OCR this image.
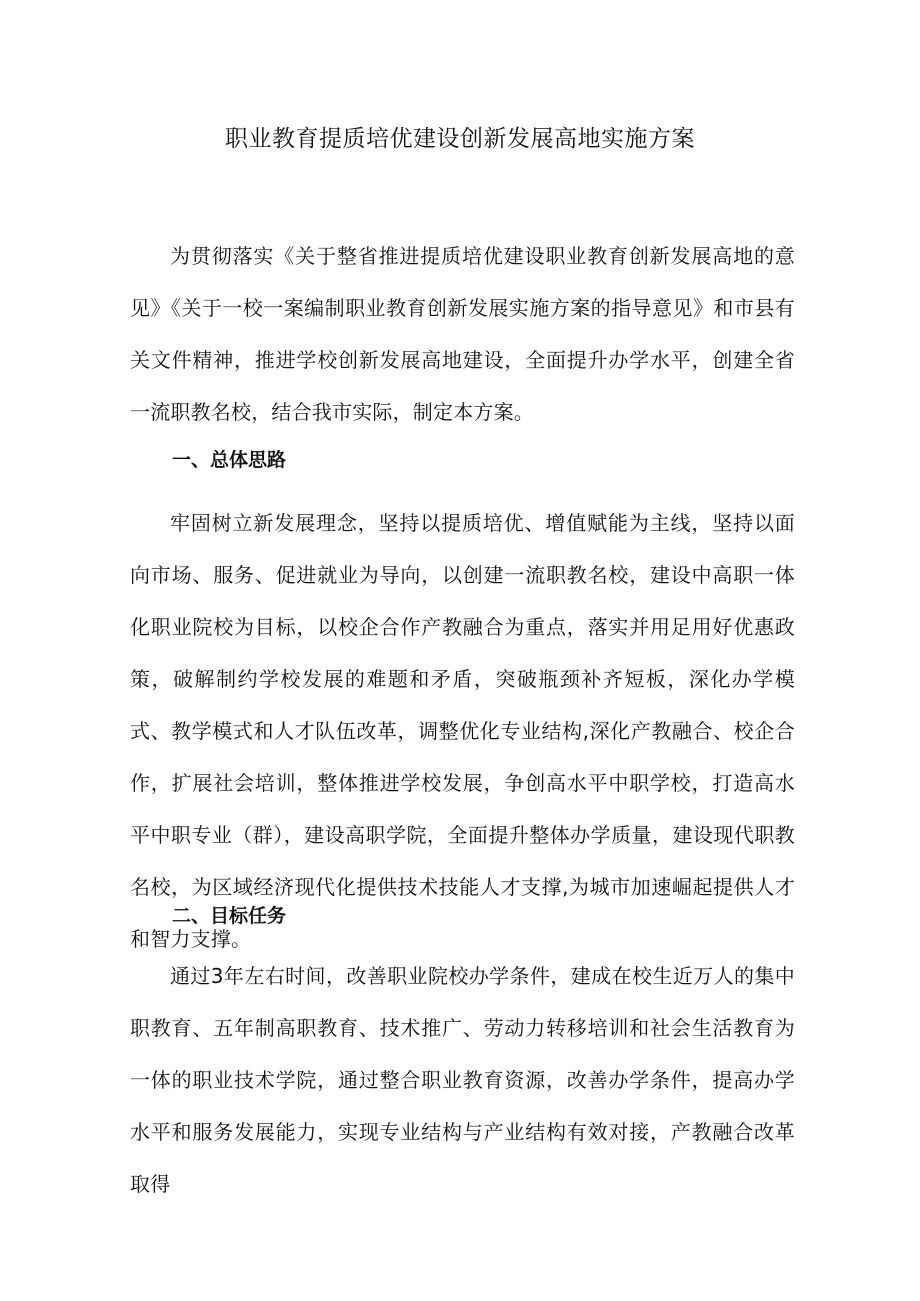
职业教育提质培优建设创新发展高地实施方案

为贯彻落实《关于整省推进提质培优建设职业教育创新发展高地的意见》《关于一校一案编制职业教育创新发展实施方案的指导意见》和市县有关文件精神，推进学校创新发展高地建设，全面提升办学水平，创建全省一流职教名校，结合我市实际，制定本方案。

一、总体思路

牢固树立新发展理念，坚持以提质培优、增值赋能为主线，坚持以面向市场、服务、促进就业为导向，以创建一流职教名校，建设中高职一体化职业院校为目标，以校企合作产教融合为重点，落实并用足用好优惠政策，破解制约学校发展的难题和矛盾，突破瓶颈补齐短板，深化办学模式、教学模式和人才队伍改革，调整优化专业结构,深化产教融合、校企合作，扩展社会培训，整体推进学校发展，争创高水平中职学校，打造高水平中职专业（群），建设高职学院，全面提升整体办学质量，建设现代职教名校，为区域经济现代化提供技术技能人才支撑,为城市加速崛起提供人才和智力支撑。

二、目标任务

通过3年左右时间，改善职业院校办学条件，建成在校生近万人的集中职教育、五年制高职教育、技术推广、劳动力转移培训和社会生活教育为一体的职业技术学院，通过整合职业教育资源，改善办学条件，提高办学水平和服务发展能力，实现专业结构与产业结构有效对接，产教融合改革取得
